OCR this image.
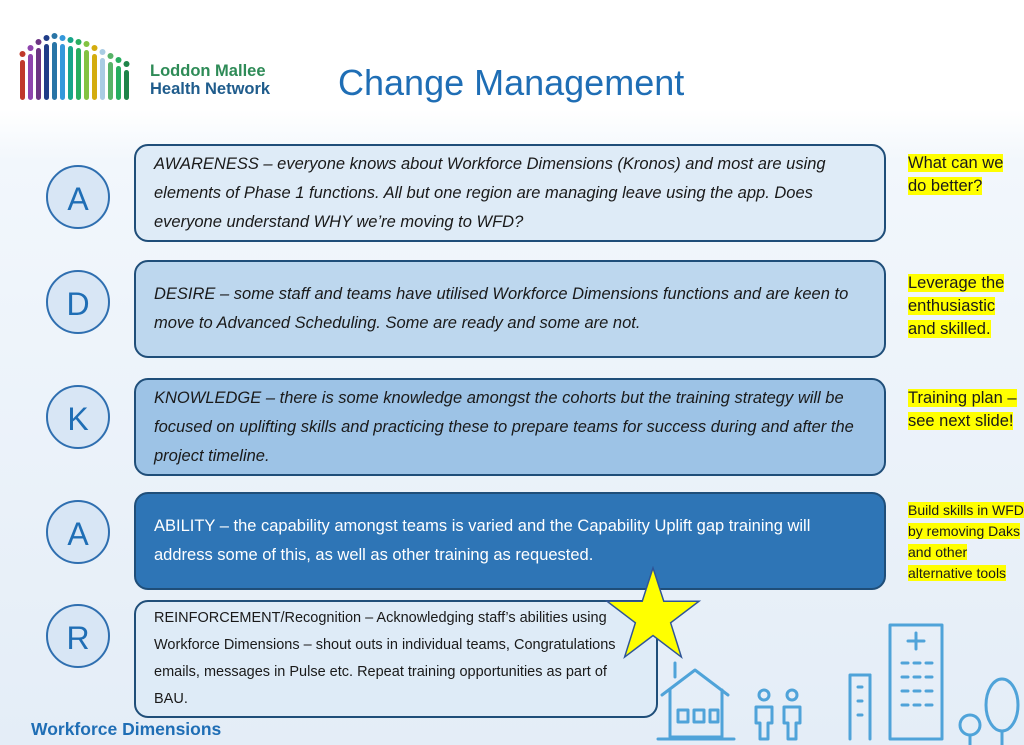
Loddon Mallee
Health Network Change Management
A
D
K
A
R
AWARENESS – everyone knows about Workforce Dimensions (Kronos) and most are using elements of Phase 1 functions. All but one region are managing leave using the app. Does everyone understand WHY we’re moving to WFD?
DESIRE – some staff and teams have utilised Workforce Dimensions functions and are keen to move to Advanced Scheduling. Some are ready and some are not.
KNOWLEDGE – there is some knowledge amongst the cohorts but the training strategy will be focused on uplifting skills and practicing these to prepare teams for success during and after the project timeline.
ABILITY – the capability amongst teams is varied and the Capability Uplift gap training will address some of this, as well as other training as requested.
REINFORCEMENT/Recognition – Acknowledging staff’s abilities using Workforce Dimensions – shout outs in individual teams, Congratulations emails, messages in Pulse etc. Repeat training opportunities as part of BAU.
What can we do better?
Leverage the enthusiastic and skilled.
Training plan – see next slide!
Build skills in WFD by removing Daks and other alternative tools
Workforce Dimensions
